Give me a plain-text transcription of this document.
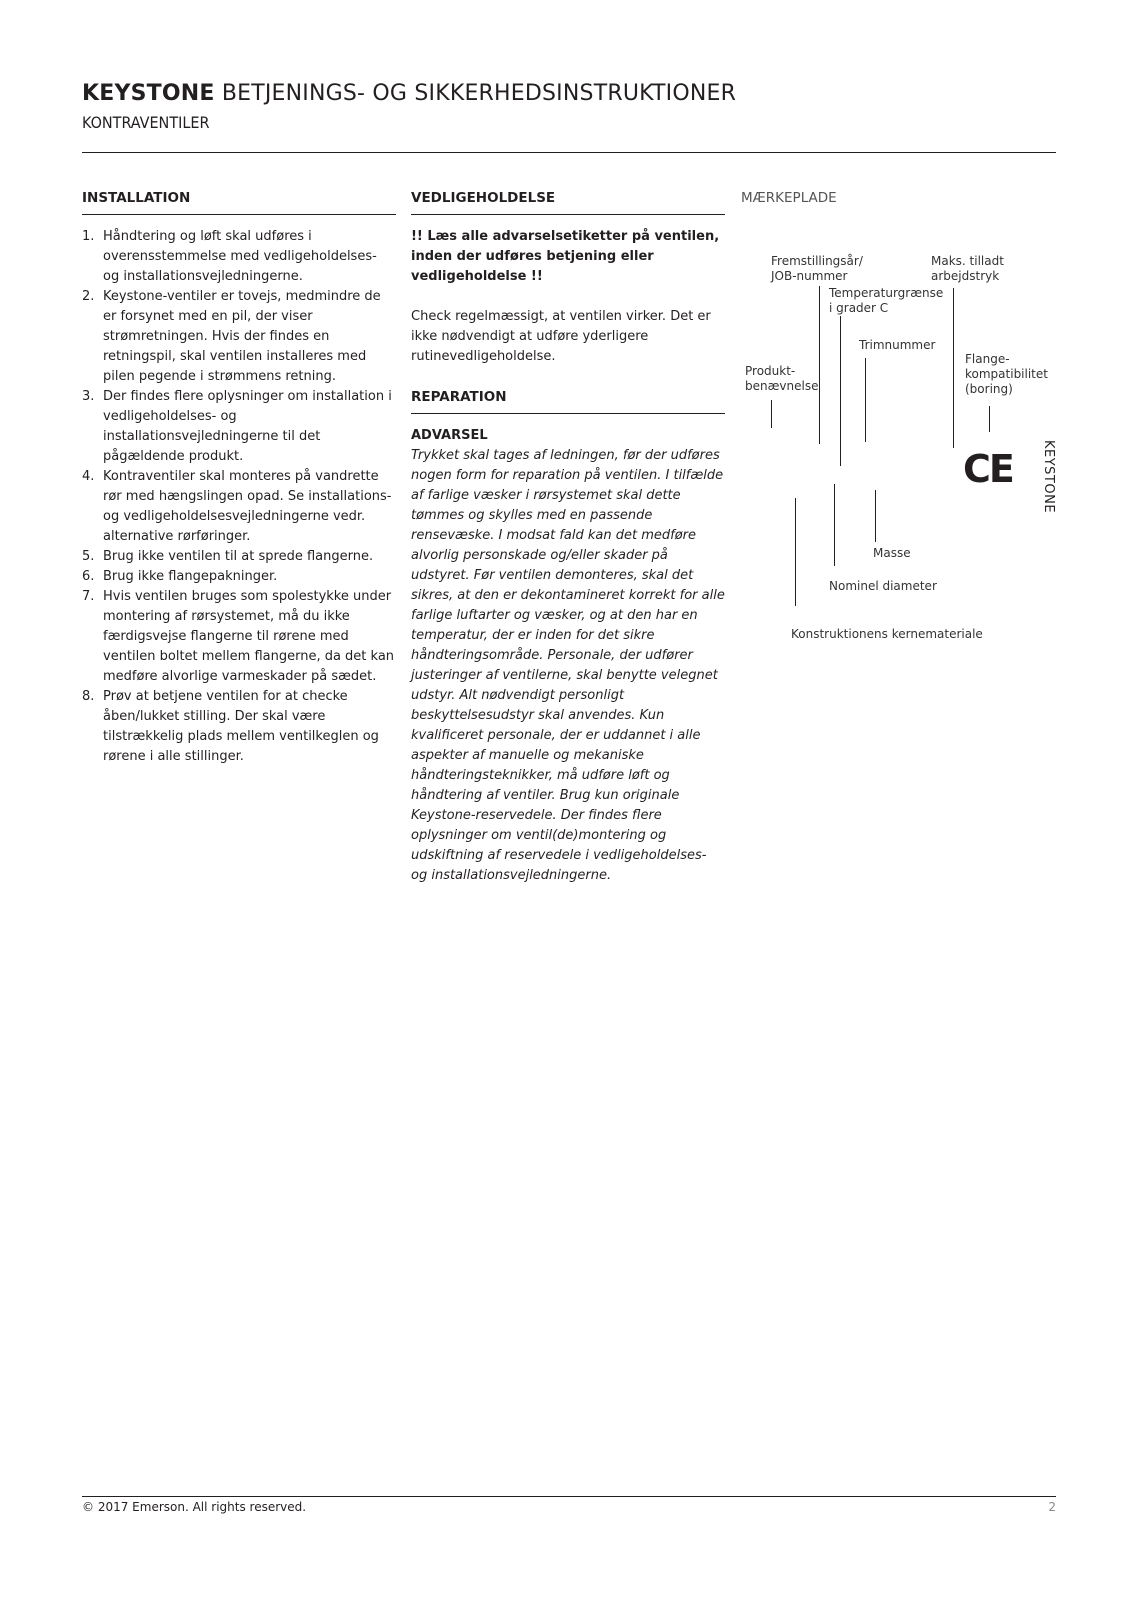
KEYSTONE BETJENINGS- OG SIKKERHEDSINSTRUKTIONER
KONTRAVENTILER
INSTALLATION
1. Håndtering og løft skal udføres i overensstemmelse med vedligeholdelses- og installationsvejledningerne.
2. Keystone-ventiler er tovejs, medmindre de er forsynet med en pil, der viser strømretningen. Hvis der findes en retningspil, skal ventilen installeres med pilen pegende i strømmens retning.
3. Der findes flere oplysninger om installation i vedligeholdelses- og installationsvejledningerne til det pågældende produkt.
4. Kontraventiler skal monteres på vandrette rør med hængslingen opad. Se installations- og vedligeholdelsesvejledningerne vedr. alternative rørføringer.
5. Brug ikke ventilen til at sprede flangerne.
6. Brug ikke flangepakninger.
7. Hvis ventilen bruges som spolestykke under montering af rørsystemet, må du ikke færdigsvejse flangerne til rørene med ventilen boltet mellem flangerne, da det kan medføre alvorlige varmeskader på sædet.
8. Prøv at betjene ventilen for at checke åben/lukket stilling. Der skal være tilstrækkelig plads mellem ventilkeglen og rørene i alle stillinger.
VEDLIGEHOLDELSE
!! Læs alle advarselsetiketter på ventilen, inden der udføres betjening eller vedligeholdelse !!
Check regelmæssigt, at ventilen virker. Det er ikke nødvendigt at udføre yderligere rutinevedligeholdelse.
REPARATION
ADVARSEL
Trykket skal tages af ledningen, før der udføres nogen form for reparation på ventilen. I tilfælde af farlige væsker i rørsystemet skal dette tømmes og skylles med en passende rensevæske. I modsat fald kan det medføre alvorlig personskade og/eller skader på udstyret. Før ventilen demonteres, skal det sikres, at den er dekontamineret korrekt for alle farlige luftarter og væsker, og at den har en temperatur, der er inden for det sikre håndteringsområde. Personale, der udfører justeringer af ventilerne, skal benytte velegnet udstyr. Alt nødvendigt personligt beskyttelsesudstyr skal anvendes. Kun kvalificeret personale, der er uddannet i alle aspekter af manuelle og mekaniske håndteringsteknikker, må udføre løft og håndtering af ventiler. Brug kun originale Keystone-reservedele. Der findes flere oplysninger om ventil(de)montering og udskiftning af reservedele i vedligeholdelses- og installationsvejledningerne.
MÆRKEPLADE
Fremstillingsår/
JOB-nummer
Maks. tilladt
arbejdstryk
Temperaturgrænse
i grader C
Trimnummer
Produkt-
benævnelse
Flange-
kompatibilitet
(boring)
CE KEYSTONE
Masse
Nominel diameter
Konstruktionens kernemateriale
© 2017 Emerson. All rights reserved.	2
